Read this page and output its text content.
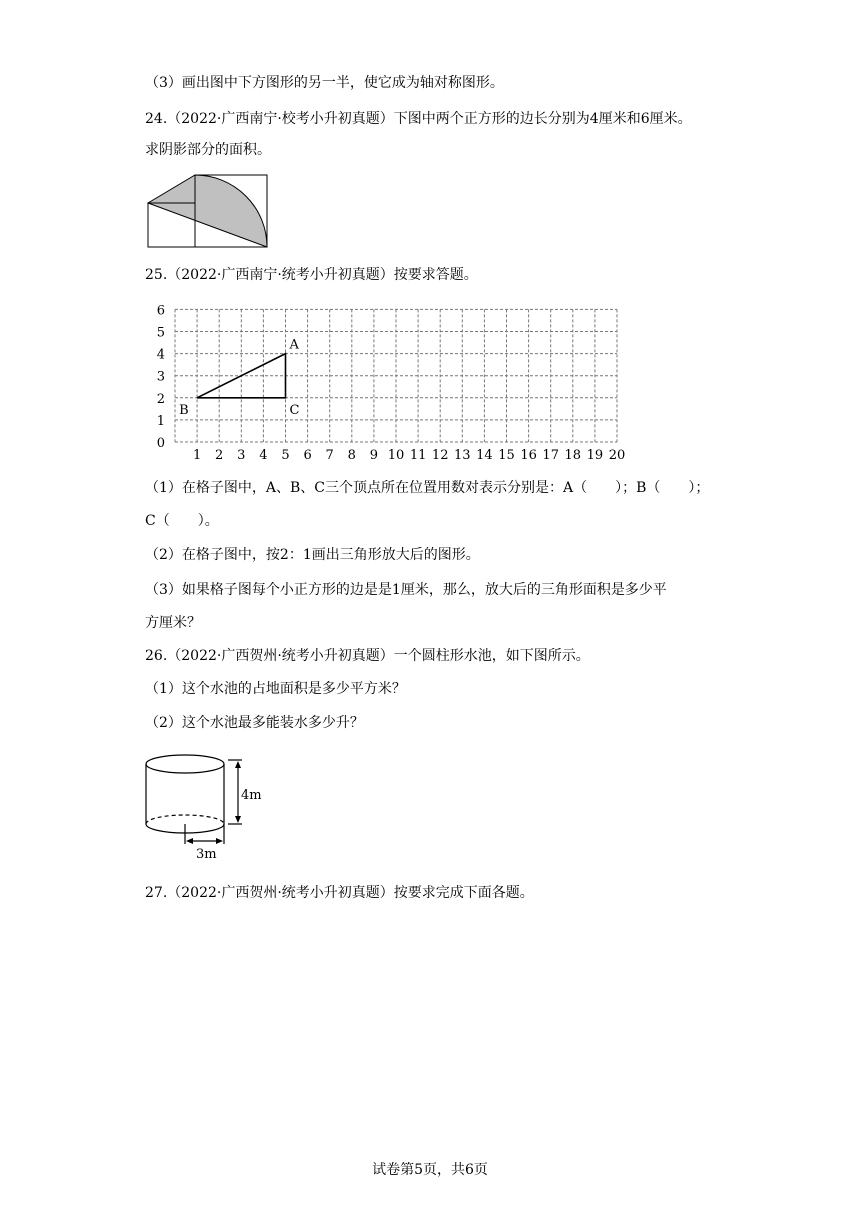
（3）画出图中下方图形的另一半，使它成为轴对称图形。
24.（2022·广西南宁·校考小升初真题）下图中两个正方形的边长分别为4厘米和6厘米。
求阴影部分的面积。
25.（2022·广西南宁·统考小升初真题）按要求答题。
0
1
2
3
4
5
6
1 2 3 4 5 6 7 8 9 10 11 12 13 14 15 16 17 18 19 20
A
B	C
（1）在格子图中，A、B、C三个顶点所在位置用数对表示分别是：A（　　）；B（　　）；
C（　　）。
（2）在格子图中，按2：1画出三角形放大后的图形。
（3）如果格子图每个小正方形的边是是1厘米，那么，放大后的三角形面积是多少平
方厘米？
26.（2022·广西贺州·统考小升初真题）一个圆柱形水池，如下图所示。
（1）这个水池的占地面积是多少平方米？
（2）这个水池最多能装水多少升？
4m
3m
27.（2022·广西贺州·统考小升初真题）按要求完成下面各题。
试卷第5页，共6页
